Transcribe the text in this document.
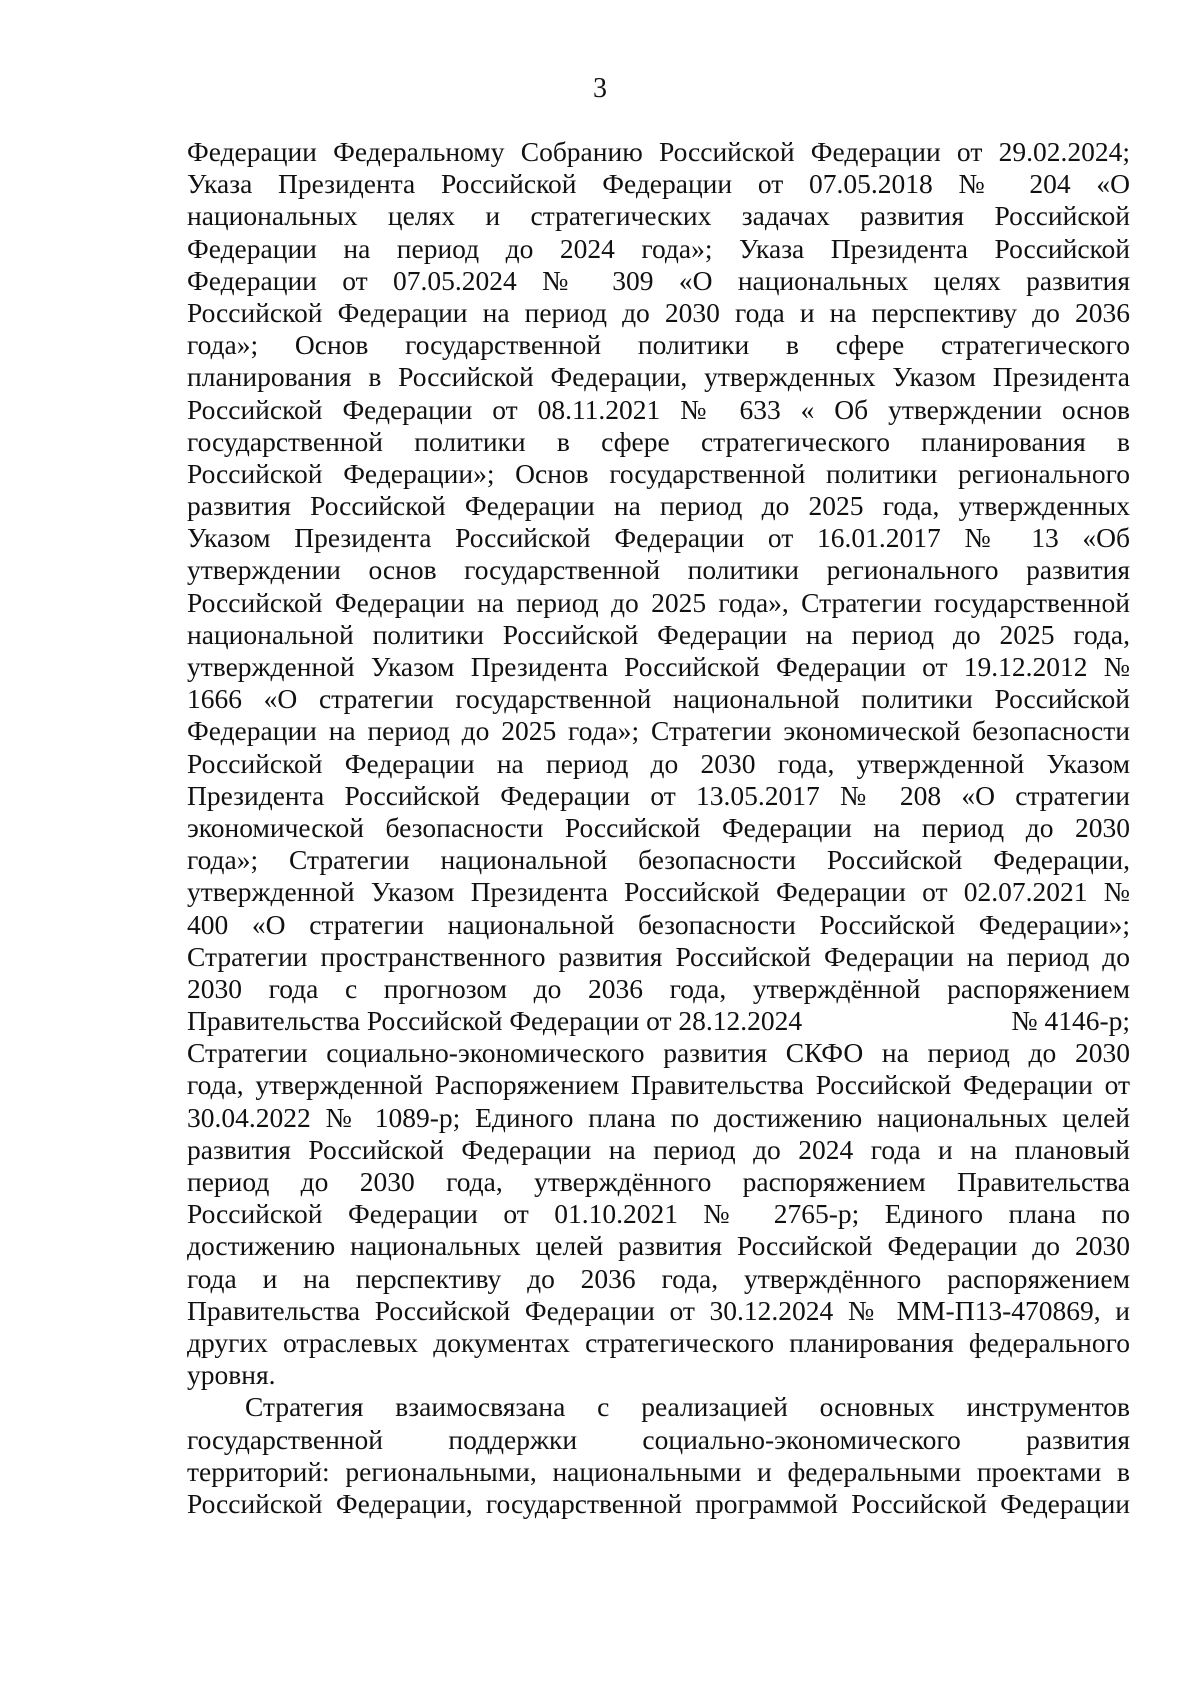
3
Федерации Федеральному Собранию Российской Федерации от 29.02.2024;
Указа Президента Российской Федерации от 07.05.2018 № 204 «О
национальных целях и стратегических задачах развития Российской
Федерации на период до 2024 года»; Указа Президента Российской
Федерации от 07.05.2024 № 309 «О национальных целях развития
Российской Федерации на период до 2030 года и на перспективу до 2036
года»; Основ государственной политики в сфере стратегического
планирования в Российской Федерации, утвержденных Указом Президента
Российской Федерации от 08.11.2021 № 633 « Об утверждении основ
государственной политики в сфере стратегического планирования в
Российской Федерации»; Основ государственной политики регионального
развития Российской Федерации на период до 2025 года, утвержденных
Указом Президента Российской Федерации от 16.01.2017 № 13 «Об
утверждении основ государственной политики регионального развития
Российской Федерации на период до 2025 года», Стратегии государственной
национальной политики Российской Федерации на период до 2025 года,
утвержденной Указом Президента Российской Федерации от 19.12.2012 №
1666 «О стратегии государственной национальной политики Российской
Федерации на период до 2025 года»; Стратегии экономической безопасности
Российской Федерации на период до 2030 года, утвержденной Указом
Президента Российской Федерации от 13.05.2017 № 208 «О стратегии
экономической безопасности Российской Федерации на период до 2030
года»; Стратегии национальной безопасности Российской Федерации,
утвержденной Указом Президента Российской Федерации от 02.07.2021 №
400 «О стратегии национальной безопасности Российской Федерации»;
Стратегии пространственного развития Российской Федерации на период до
2030 года с прогнозом до 2036 года, утверждённой распоряжением
Правительства Российской Федерации от 28.12.2024	№ 4146-р;
Стратегии социально-экономического развития СКФО на период до 2030
года, утвержденной Распоряжением Правительства Российской Федерации от
30.04.2022 № 1089-р; Единого плана по достижению национальных целей
развития Российской Федерации на период до 2024 года и на плановый
период до 2030 года, утверждённого распоряжением Правительства
Российской Федерации от 01.10.2021 № 2765-р; Единого плана по
достижению национальных целей развития Российской Федерации до 2030
года и на перспективу до 2036 года, утверждённого распоряжением
Правительства Российской Федерации от 30.12.2024 № ММ-П13-470869, и
других отраслевых документах стратегического планирования федерального
уровня.
Стратегия взаимосвязана с реализацией основных инструментов
государственной поддержки социально-экономического развития
территорий: региональными, национальными и федеральными проектами в
Российской Федерации, государственной программой Российской Федерации
